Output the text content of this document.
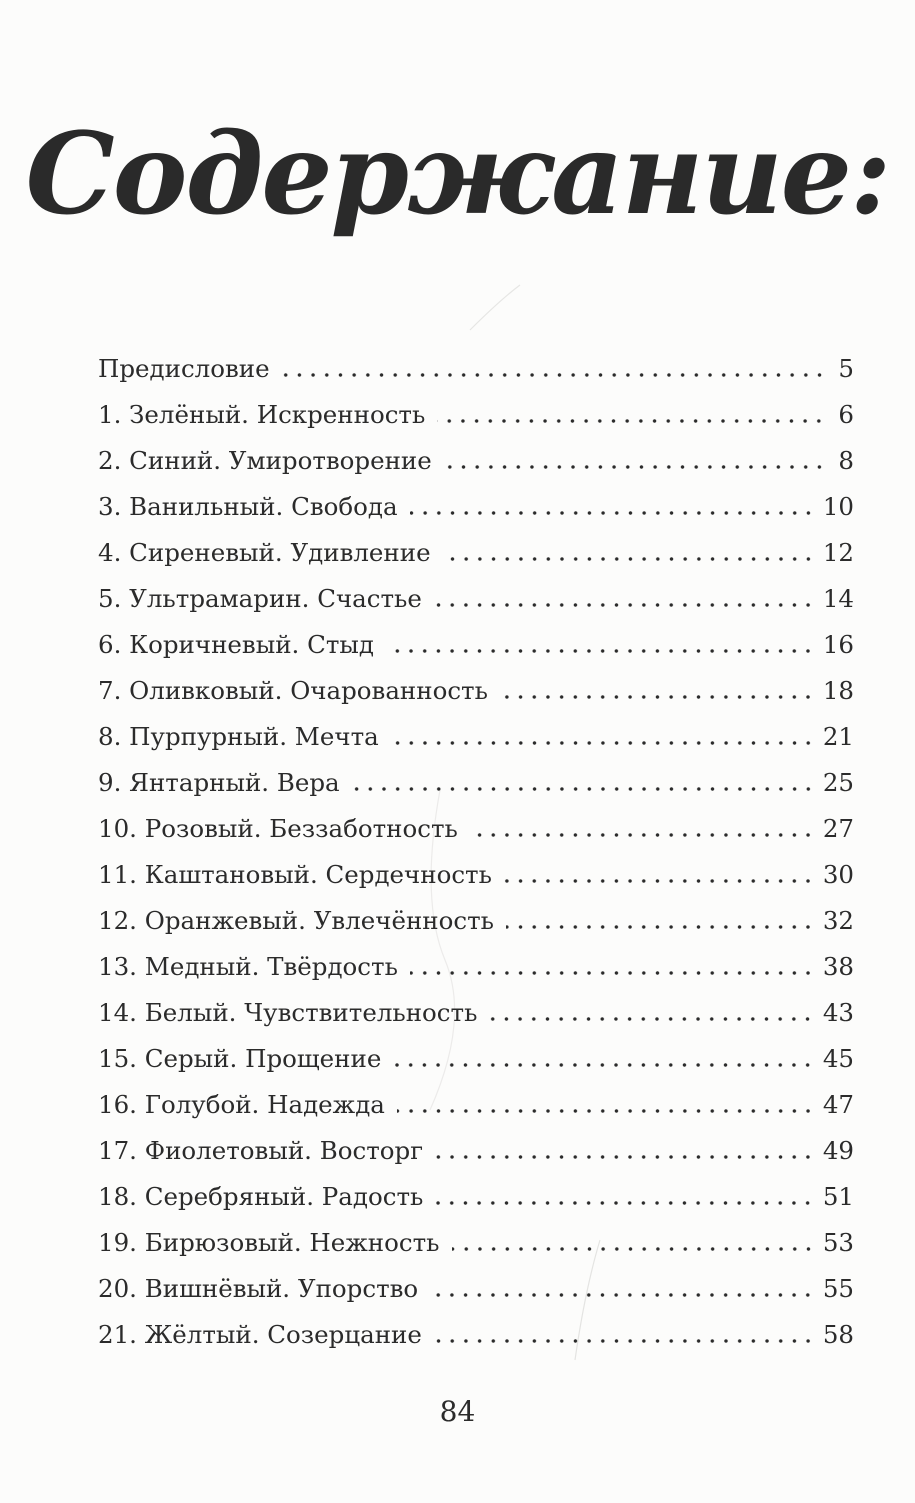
Содержание:
Предисловие	5
1. Зелёный. Искренность	6
2. Синий. Умиротворение	8
3. Ванильный. Свобода	10
4. Сиреневый. Удивление	12
5. Ультрамарин. Счастье	14
6. Коричневый. Стыд	16
7. Оливковый. Очарованность	18
8. Пурпурный. Мечта	21
9. Янтарный. Вера	25
10. Розовый. Беззаботность	27
11. Каштановый. Сердечность	30
12. Оранжевый. Увлечённость	32
13. Медный. Твёрдость	38
14. Белый. Чувствительность	43
15. Серый. Прощение	45
16. Голубой. Надежда	47
17. Фиолетовый. Восторг	49
18. Серебряный. Радость	51
19. Бирюзовый. Нежность	53
20. Вишнёвый. Упорство	55
21. Жёлтый. Созерцание	58
84
